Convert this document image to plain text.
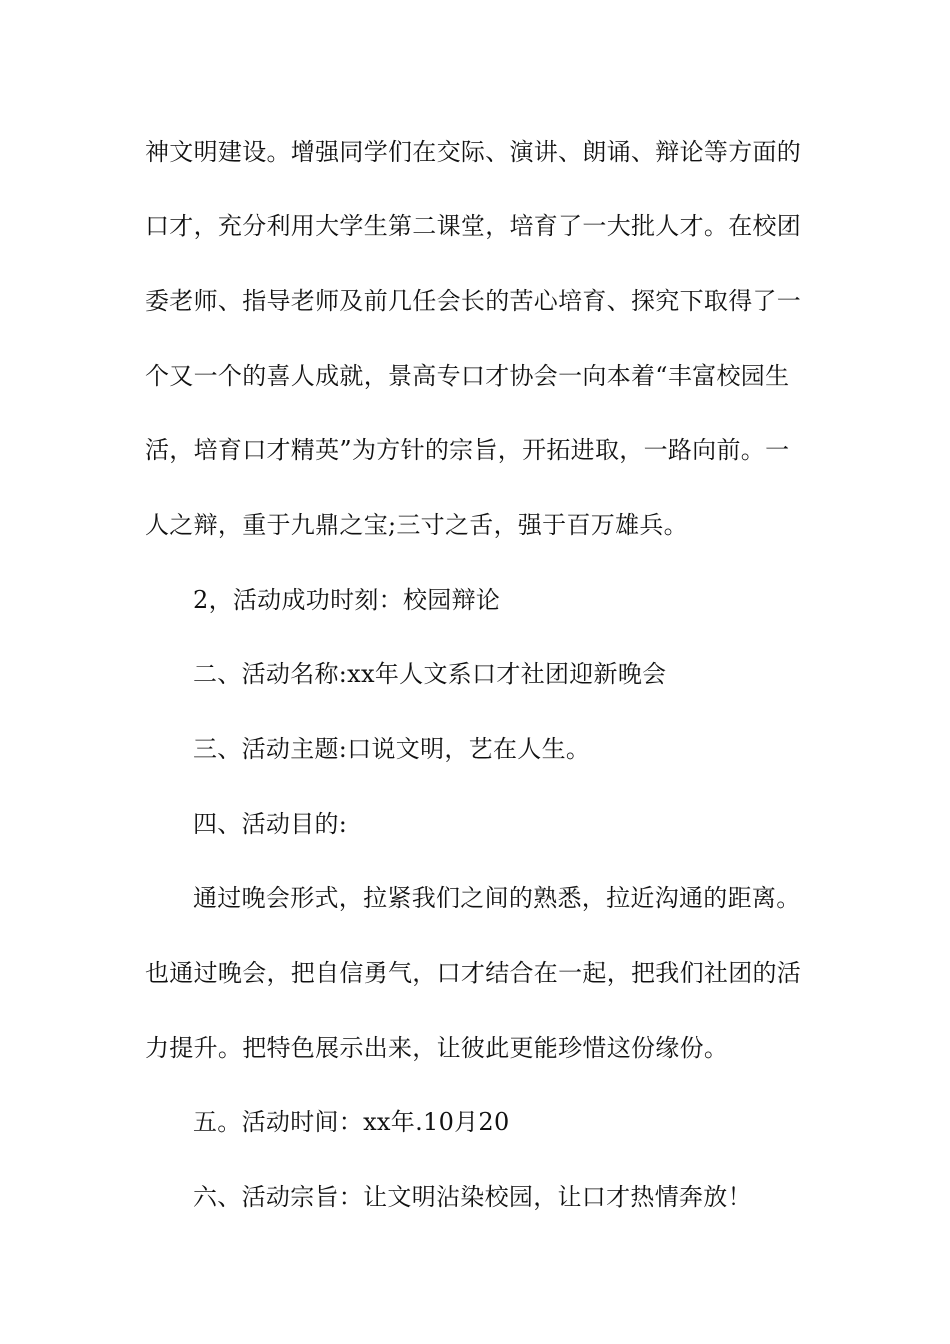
神文明建设。增强同学们在交际、演讲、朗诵、辩论等方面的
口才，充分利用大学生第二课堂，培育了一大批人才。在校团
委老师、指导老师及前几任会长的苦心培育、探究下取得了一
个又一个的喜人成就，景高专口才协会一向本着“丰富校园生
活，培育口才精英”为方针的宗旨，开拓进取，一路向前。一
人之辩，重于九鼎之宝;三寸之舌，强于百万雄兵。
2，活动成功时刻：校园辩论
二、活动名称:xx年人文系口才社团迎新晚会
三、活动主题:口说文明，艺在人生。
四、活动目的:
通过晚会形式，拉紧我们之间的熟悉，拉近沟通的距离。
也通过晚会，把自信勇气，口才结合在一起，把我们社团的活
力提升。把特色展示出来，让彼此更能珍惜这份缘份。
五。活动时间：xx年.10月20
六、活动宗旨：让文明沾染校园，让口才热情奔放！
